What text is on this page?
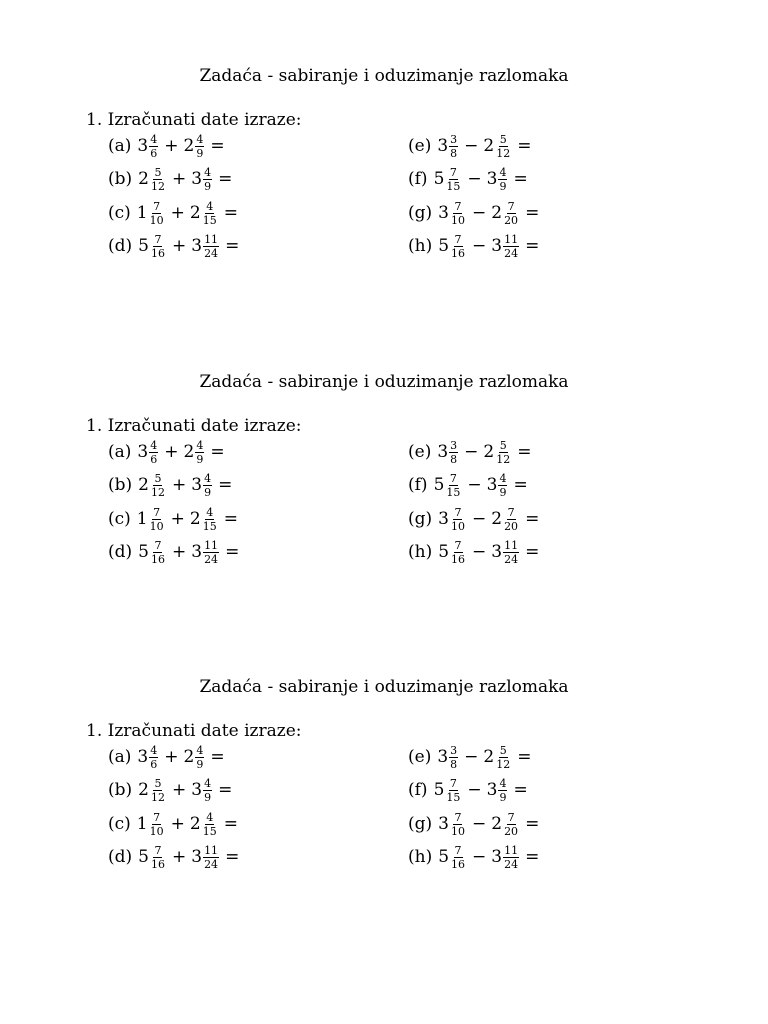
Zadaća - sabiranje i oduzimanje razlomaka
1. Izračunati date izraze:
(a) $3 \frac{4}{6} + 2 \frac{4}{9}$ =
(b) $2 \frac{5}{12} + 3 \frac{4}{9}$ =
(c) $1 \frac{7}{10} + 2 \frac{4}{15}$ =
(d) $5 \frac{7}{16} + 3 \frac{11}{24}$ =
(e) $3 \frac{3}{8} - 2 \frac{5}{12}$ =
(f) $5 \frac{7}{15} - 3 \frac{4}{9}$ =
(g) $3 \frac{7}{10} - 2 \frac{7}{20}$ =
(h) $5 \frac{7}{16} - 3 \frac{11}{24}$ =
Zadaća - sabiranje i oduzimanje razlomaka
1. Izračunati date izraze:
(a) $3 \frac{4}{6} + 2 \frac{4}{9}$ =
(b) $2 \frac{5}{12} + 3 \frac{4}{9}$ =
(c) $1 \frac{7}{10} + 2 \frac{4}{15}$ =
(d) $5 \frac{7}{16} + 3 \frac{11}{24}$ =
(e) $3 \frac{3}{8} - 2 \frac{5}{12}$ =
(f) $5 \frac{7}{15} - 3 \frac{4}{9}$ =
(g) $3 \frac{7}{10} - 2 \frac{7}{20}$ =
(h) $5 \frac{7}{16} - 3 \frac{11}{24}$ =
Zadaća - sabiranje i oduzimanje razlomaka
1. Izračunati date izraze:
(a) $3 \frac{4}{6} + 2 \frac{4}{9}$ =
(b) $2 \frac{5}{12} + 3 \frac{4}{9}$ =
(c) $1 \frac{7}{10} + 2 \frac{4}{15}$ =
(d) $5 \frac{7}{16} + 3 \frac{11}{24}$ =
(e) $3 \frac{3}{8} - 2 \frac{5}{12}$ =
(f) $5 \frac{7}{15} - 3 \frac{4}{9}$ =
(g) $3 \frac{7}{10} - 2 \frac{7}{20}$ =
(h) $5 \frac{7}{16} - 3 \frac{11}{24}$ =
